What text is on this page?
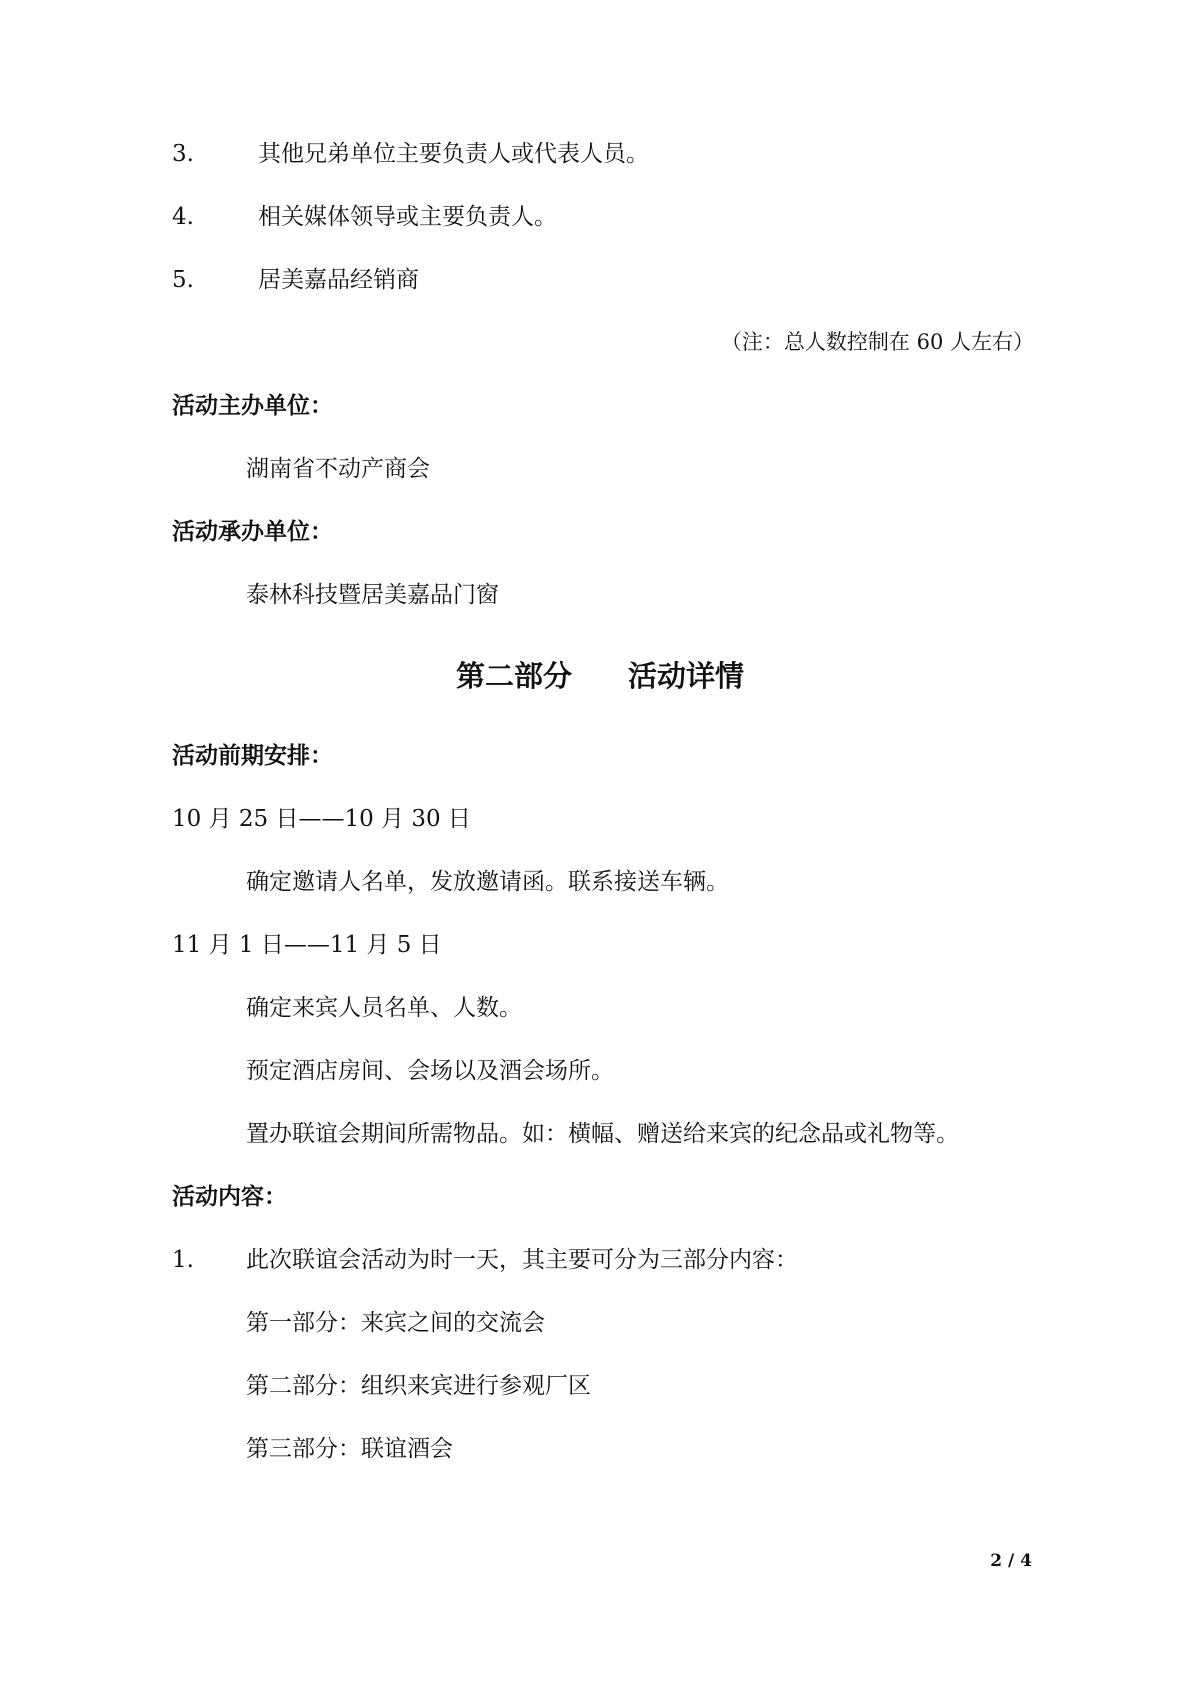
3.	其他兄弟单位主要负责人或代表人员。
4.	相关媒体领导或主要负责人。
5.	居美嘉品经销商
（注：总人数控制在 60 人左右）
活动主办单位：
湖南省不动产商会
活动承办单位：
泰林科技暨居美嘉品门窗
第二部分 活动详情
活动前期安排：
10 月 25 日——10 月 30 日
确定邀请人名单，发放邀请函。联系接送车辆。
11 月 1 日——11 月 5 日
确定来宾人员名单、人数。
预定酒店房间、会场以及酒会场所。
置办联谊会期间所需物品。如：横幅、赠送给来宾的纪念品或礼物等。
活动内容：
1. 此次联谊会活动为时一天，其主要可分为三部分内容：
第一部分：来宾之间的交流会
第二部分：组织来宾进行参观厂区
第三部分：联谊酒会
2 / 4
